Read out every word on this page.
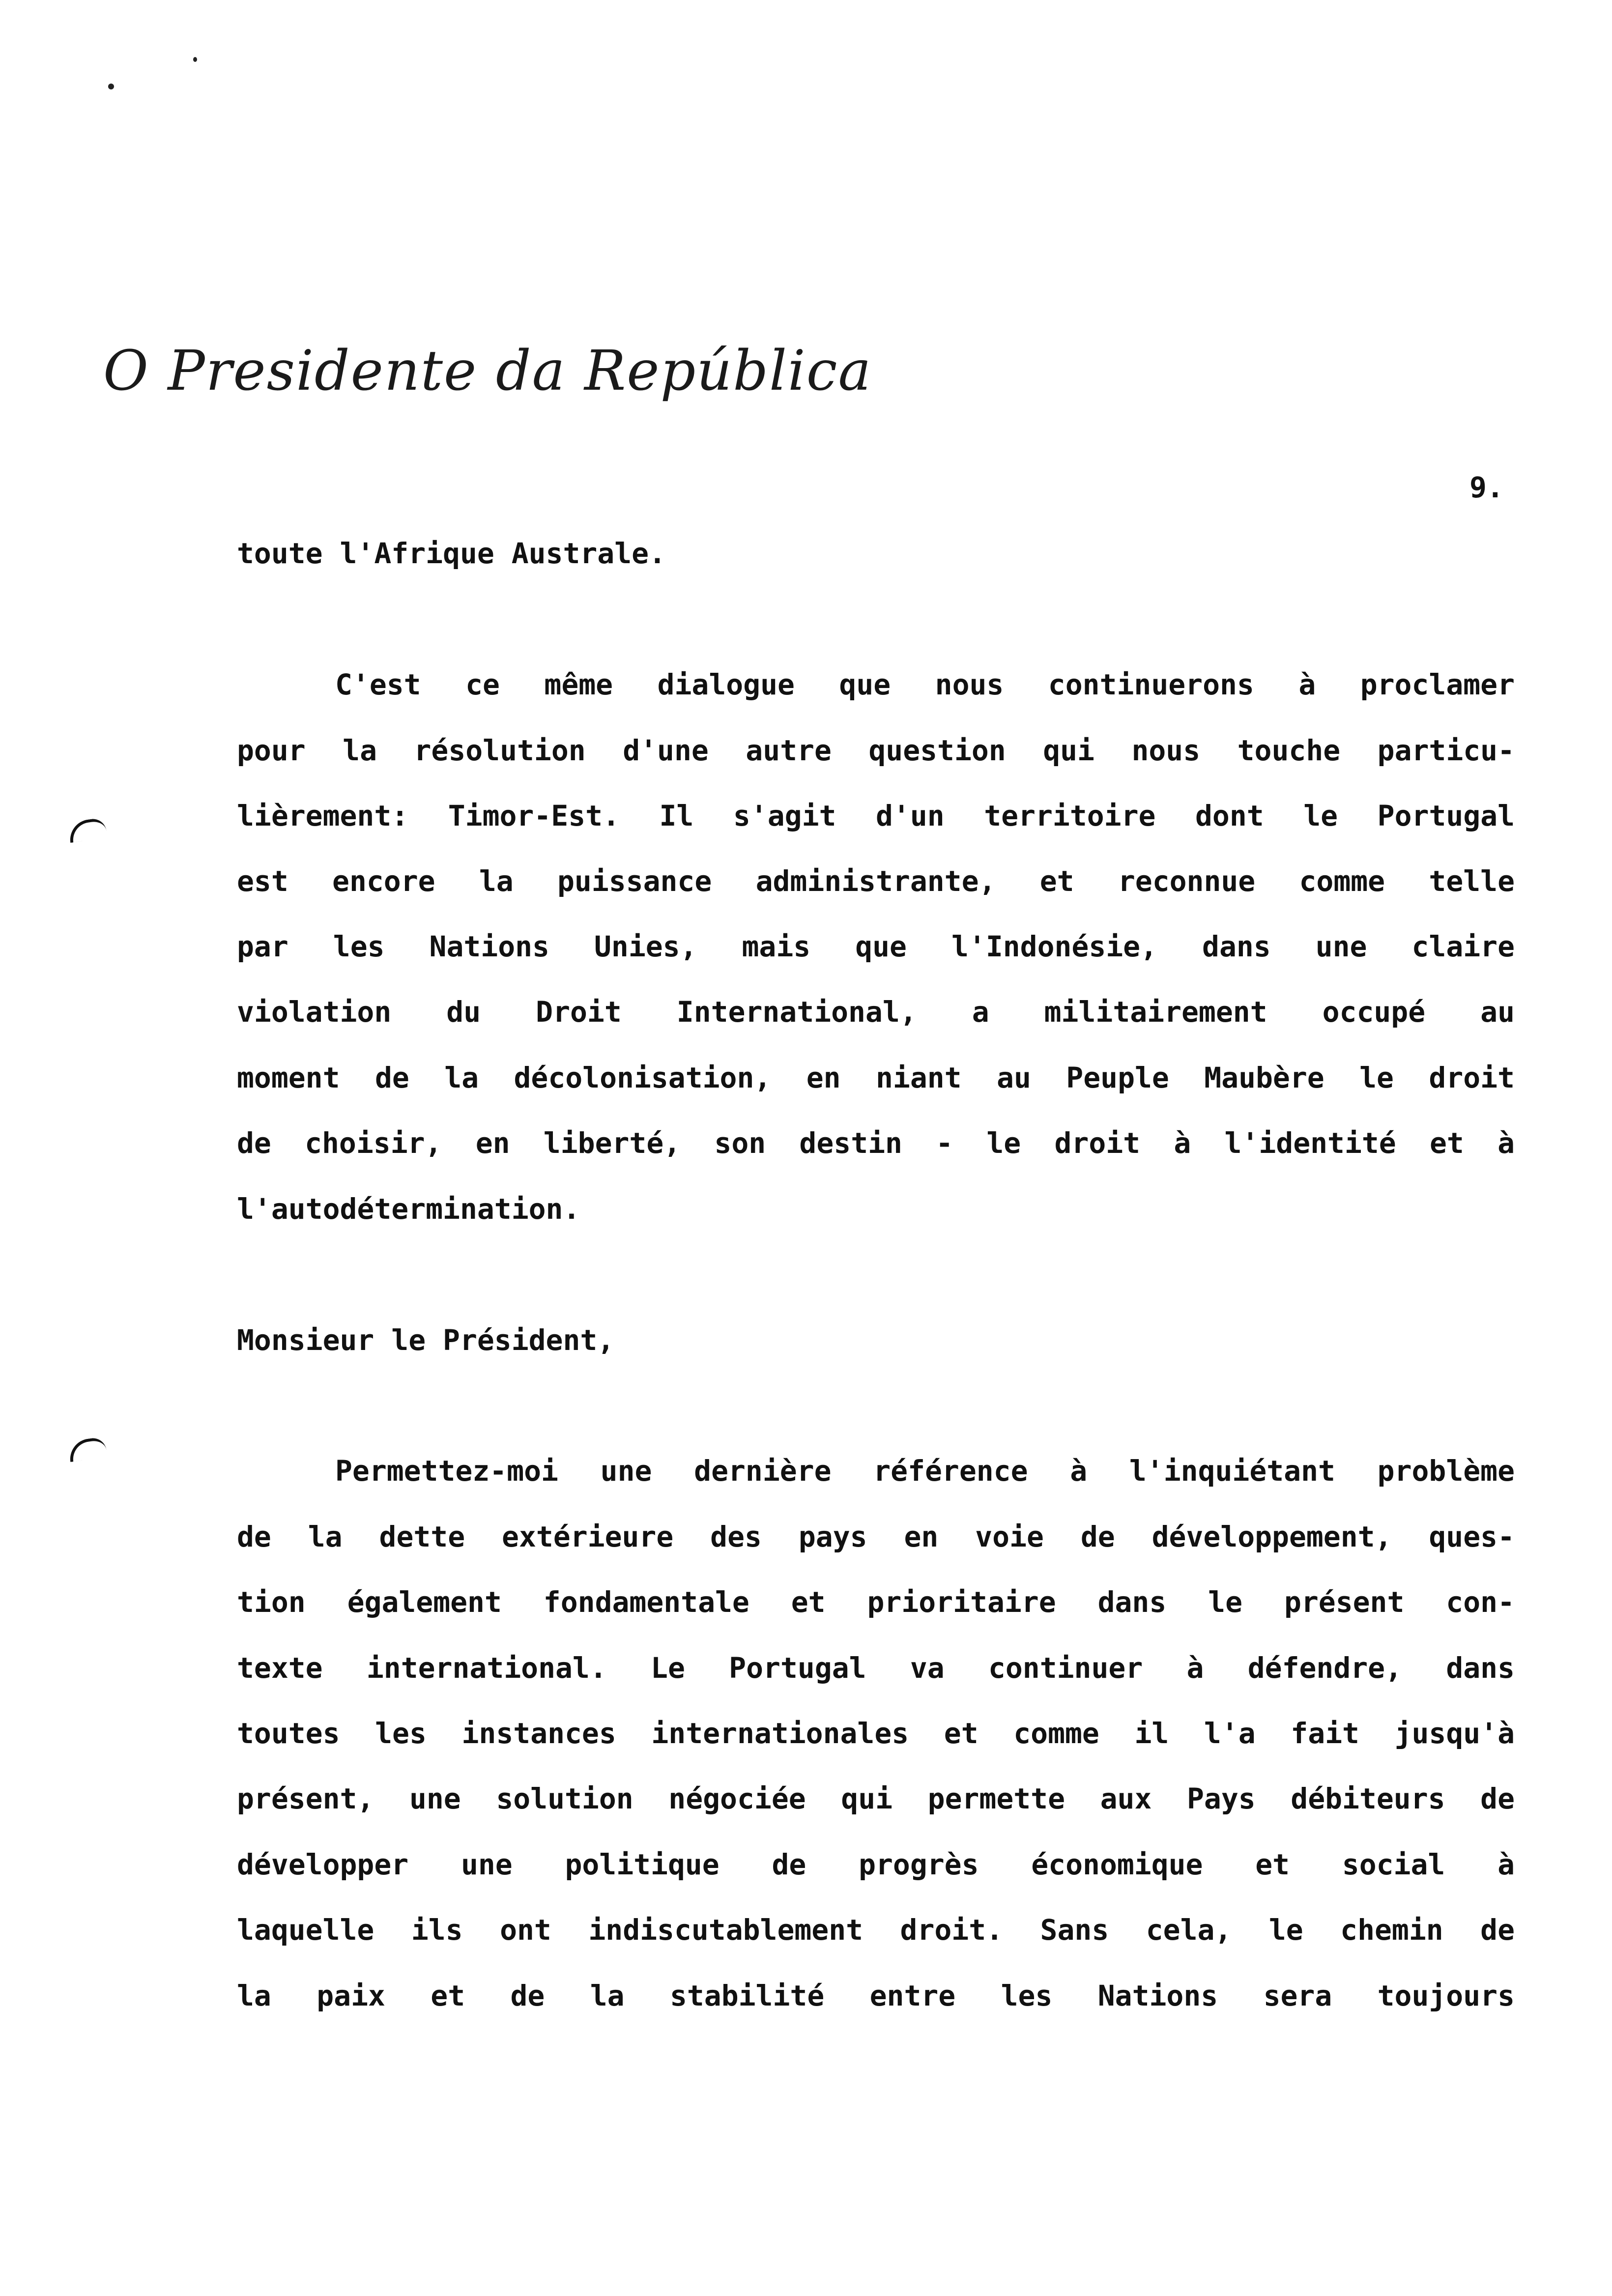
O Presidente da República
9.
toute l'Afrique Australe.
C'est ce même dialogue que nous continuerons à proclamer
pour la résolution d'une autre question qui nous touche particu-
lièrement: Timor-Est. Il s'agit d'un territoire dont le Portugal
est encore la puissance administrante, et reconnue comme telle
par les Nations Unies, mais que l'Indonésie, dans une claire
violation du Droit International, a militairement occupé au
moment de la décolonisation, en niant au Peuple Maubère le droit
de choisir, en liberté, son destin - le droit à l'identité et à
l'autodétermination.
Monsieur le Président,
Permettez-moi une dernière référence à l'inquiétant problème
de la dette extérieure des pays en voie de développement, ques-
tion également fondamentale et prioritaire dans le présent con-
texte international. Le Portugal va continuer à défendre, dans
toutes les instances internationales et comme il l'a fait jusqu'à
présent, une solution négociée qui permette aux Pays débiteurs de
développer une politique de progrès économique et social à
laquelle ils ont indiscutablement droit. Sans cela, le chemin de
la paix et de la stabilité entre les Nations sera toujours
